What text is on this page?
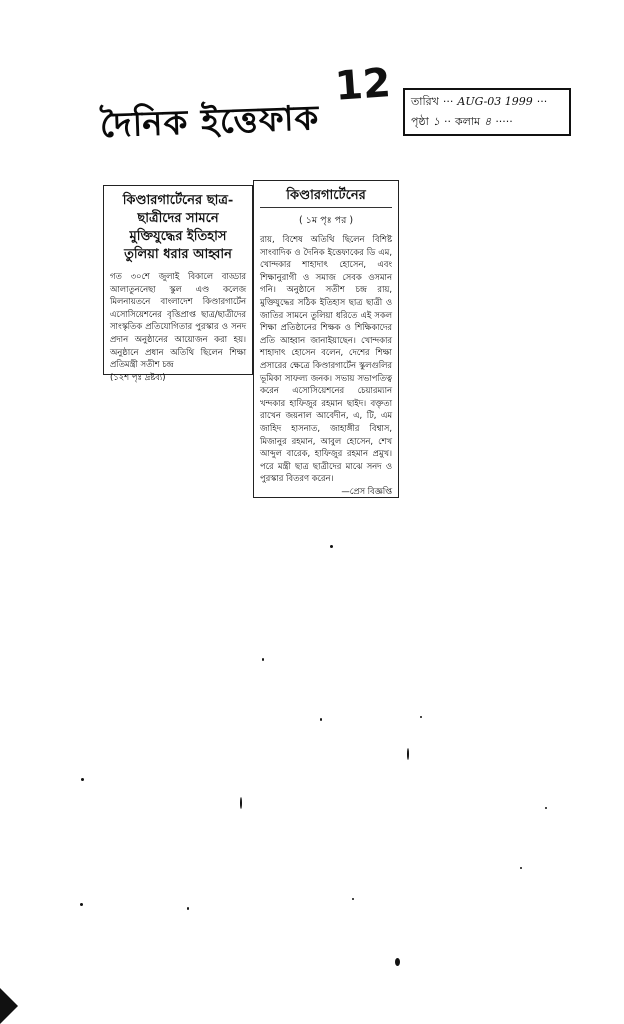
দৈনিক ইত্তেফাক
12 তারিখ ··· AUG-03 1999 ···
পৃষ্ঠা ১ ·· কলাম ৪ ·····
কিণ্ডারগার্টেনের ছাত্র-ছাত্রীদের সামনে মুক্তিযুদ্ধের ইতিহাস তুলিয়া ধরার আহ্বান
গত ৩০শে জুলাই বিকালে বাড্ডার আলাতুননেছা স্কুল এণ্ড কলেজ মিলনায়তনে বাংলাদেশ কিণ্ডারগার্টেন এসোসিয়েশনের বৃত্তিপ্রাপ্ত ছাত্র/ছাত্রীদের সাংস্কৃতিক প্রতিযোগিতার পুরস্কার ও সনদ প্রদান অনুষ্ঠানের আয়োজন করা হয়। অনুষ্ঠানে প্রধান অতিথি ছিলেন শিক্ষা প্রতিমন্ত্রী সতীশ চন্দ্র
(১২শ পৃঃ দ্রষ্টব্য)
কিণ্ডারগার্টেনের
( ১ম পৃঃ পর )
রায়, বিশেষ অতিথি ছিলেন বিশিষ্ট সাংবাদিক ও দৈনিক ইত্তেফাকের ডি এম, খোন্দকার শাহাদাৎ হোসেন, এবং শিক্ষানুরাগী ও সমাজ সেবক ওসমান গনি। অনুষ্ঠানে সতীশ চন্দ্র রায়, মুক্তিযুদ্ধের সঠিক ইতিহাস ছাত্র ছাত্রী ও জাতির সামনে তুলিয়া ধরিতে এই সকল শিক্ষা প্রতিষ্ঠানের শিক্ষক ও শিক্ষিকাদের প্রতি আহ্বান জানাইয়াছেন। খোন্দকার শাহাদাৎ হোসেন বলেন, দেশের শিক্ষা প্রসারের ক্ষেত্রে কিণ্ডারগার্টেন স্কুলগুলির ভূমিকা সাফল্য জনক। সভায় সভাপতিত্ব করেন এসোসিয়েশনের চেয়ারম্যান খন্দকার হাফিজুর রহমান ছাইদ। বক্তৃতা রাখেন জয়নাল আবেদীন, এ, টি, এম জাহিদ হাসনাত, জাহাঙ্গীর বিশ্বাস, মিজানুর রহমান, আবুল হোসেন, শেখ আব্দুল বারেক, হাফিজুর রহমান প্রমুখ। পরে মন্ত্রী ছাত্র ছাত্রীদের মাঝে সনদ ও পুরস্কার বিতরণ করেন।
—প্রেস বিজ্ঞপ্তি
